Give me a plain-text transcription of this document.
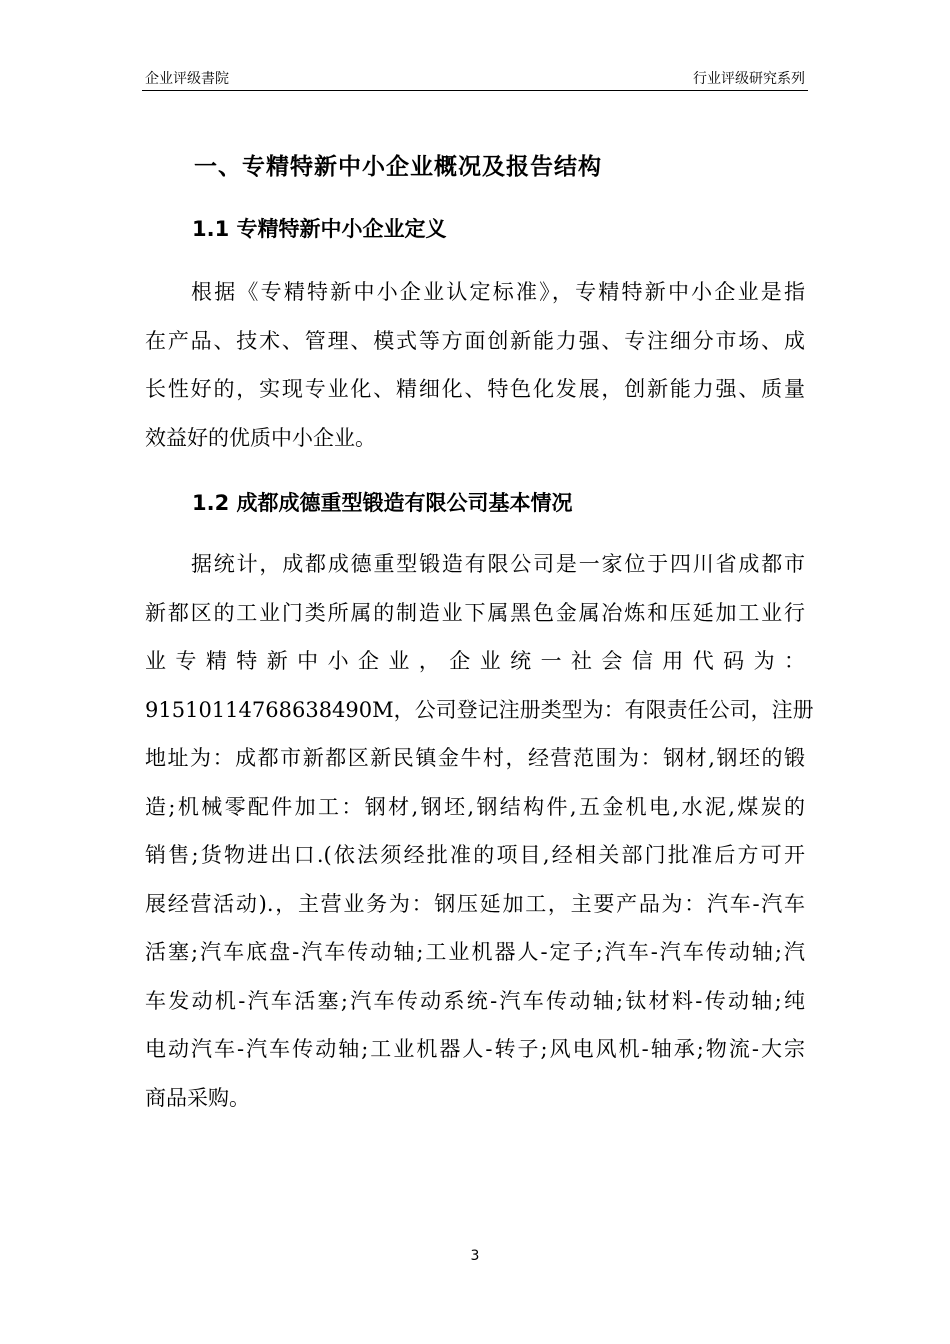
企业评级書院	行业评级研究系列
一、专精特新中小企业概况及报告结构
1.1 专精特新中小企业定义
根据《专精特新中小企业认定标准》，专精特新中小企业是指
在产品、技术、管理、模式等方面创新能力强、专注细分市场、成
长性好的，实现专业化、精细化、特色化发展，创新能力强、质量
效益好的优质中小企业。
1.2 成都成德重型锻造有限公司基本情况
据统计，成都成德重型锻造有限公司是一家位于四川省成都市
新都区的工业门类所属的制造业下属黑色金属冶炼和压延加工业行
业专精特新中小企业，企业统一社会信用代码为：
91510114768638490M，公司登记注册类型为：有限责任公司，注册
地址为：成都市新都区新民镇金牛村，经营范围为：钢材,钢坯的锻
造;机械零配件加工：钢材,钢坯,钢结构件,五金机电,水泥,煤炭的
销售;货物进出口.(依法须经批准的项目,经相关部门批准后方可开
展经营活动).，主营业务为：钢压延加工，主要产品为：汽车-汽车
活塞;汽车底盘-汽车传动轴;工业机器人-定子;汽车-汽车传动轴;汽
车发动机-汽车活塞;汽车传动系统-汽车传动轴;钛材料-传动轴;纯
电动汽车-汽车传动轴;工业机器人-转子;风电风机-轴承;物流-大宗
商品采购。
3
